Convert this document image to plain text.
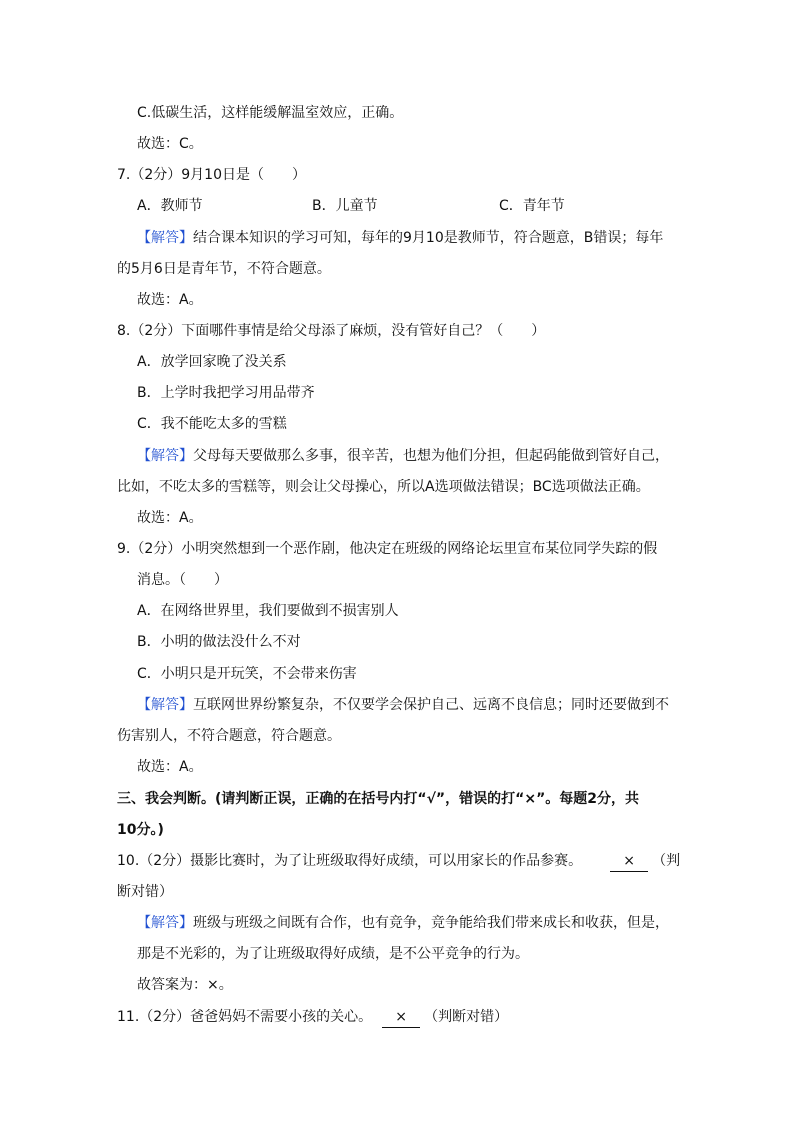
C.低碳生活，这样能缓解温室效应，正确。
故选：C。
7.（2分）9月10日是（　　）
A．教师节	B．儿童节	C．青年节
【解答】结合课本知识的学习可知，每年的9月10是教师节，符合题意，B错误；每年
的5月6日是青年节，不符合题意。
故选：A。
8.（2分）下面哪件事情是给父母添了麻烦，没有管好自己？（　　）
A．放学回家晚了没关系
B．上学时我把学习用品带齐
C．我不能吃太多的雪糕
【解答】父母每天要做那么多事，很辛苦，也想为他们分担，但起码能做到管好自己，
比如，不吃太多的雪糕等，则会让父母操心，所以A选项做法错误；BC选项做法正确。
故选：A。
9.（2分）小明突然想到一个恶作剧，他决定在班级的网络论坛里宣布某位同学失踪的假
消息。（　　）
A．在网络世界里，我们要做到不损害别人
B．小明的做法没什么不对
C．小明只是开玩笑，不会带来伤害
【解答】互联网世界纷繁复杂，不仅要学会保护自己、远离不良信息；同时还要做到不
伤害别人，不符合题意，符合题意。
故选：A。
三、我会判断。(请判断正误，正确的在括号内打“√”，错误的打“×”。每题2分，共
10分。)
10.（2分）摄影比赛时，为了让班级取得好成绩，可以用家长的作品参赛。	× （判
断对错）
【解答】班级与班级之间既有合作，也有竞争，竞争能给我们带来成长和收获，但是，
那是不光彩的，为了让班级取得好成绩，是不公平竞争的行为。
故答案为：×。
11.（2分）爸爸妈妈不需要小孩的关心。 × （判断对错）
